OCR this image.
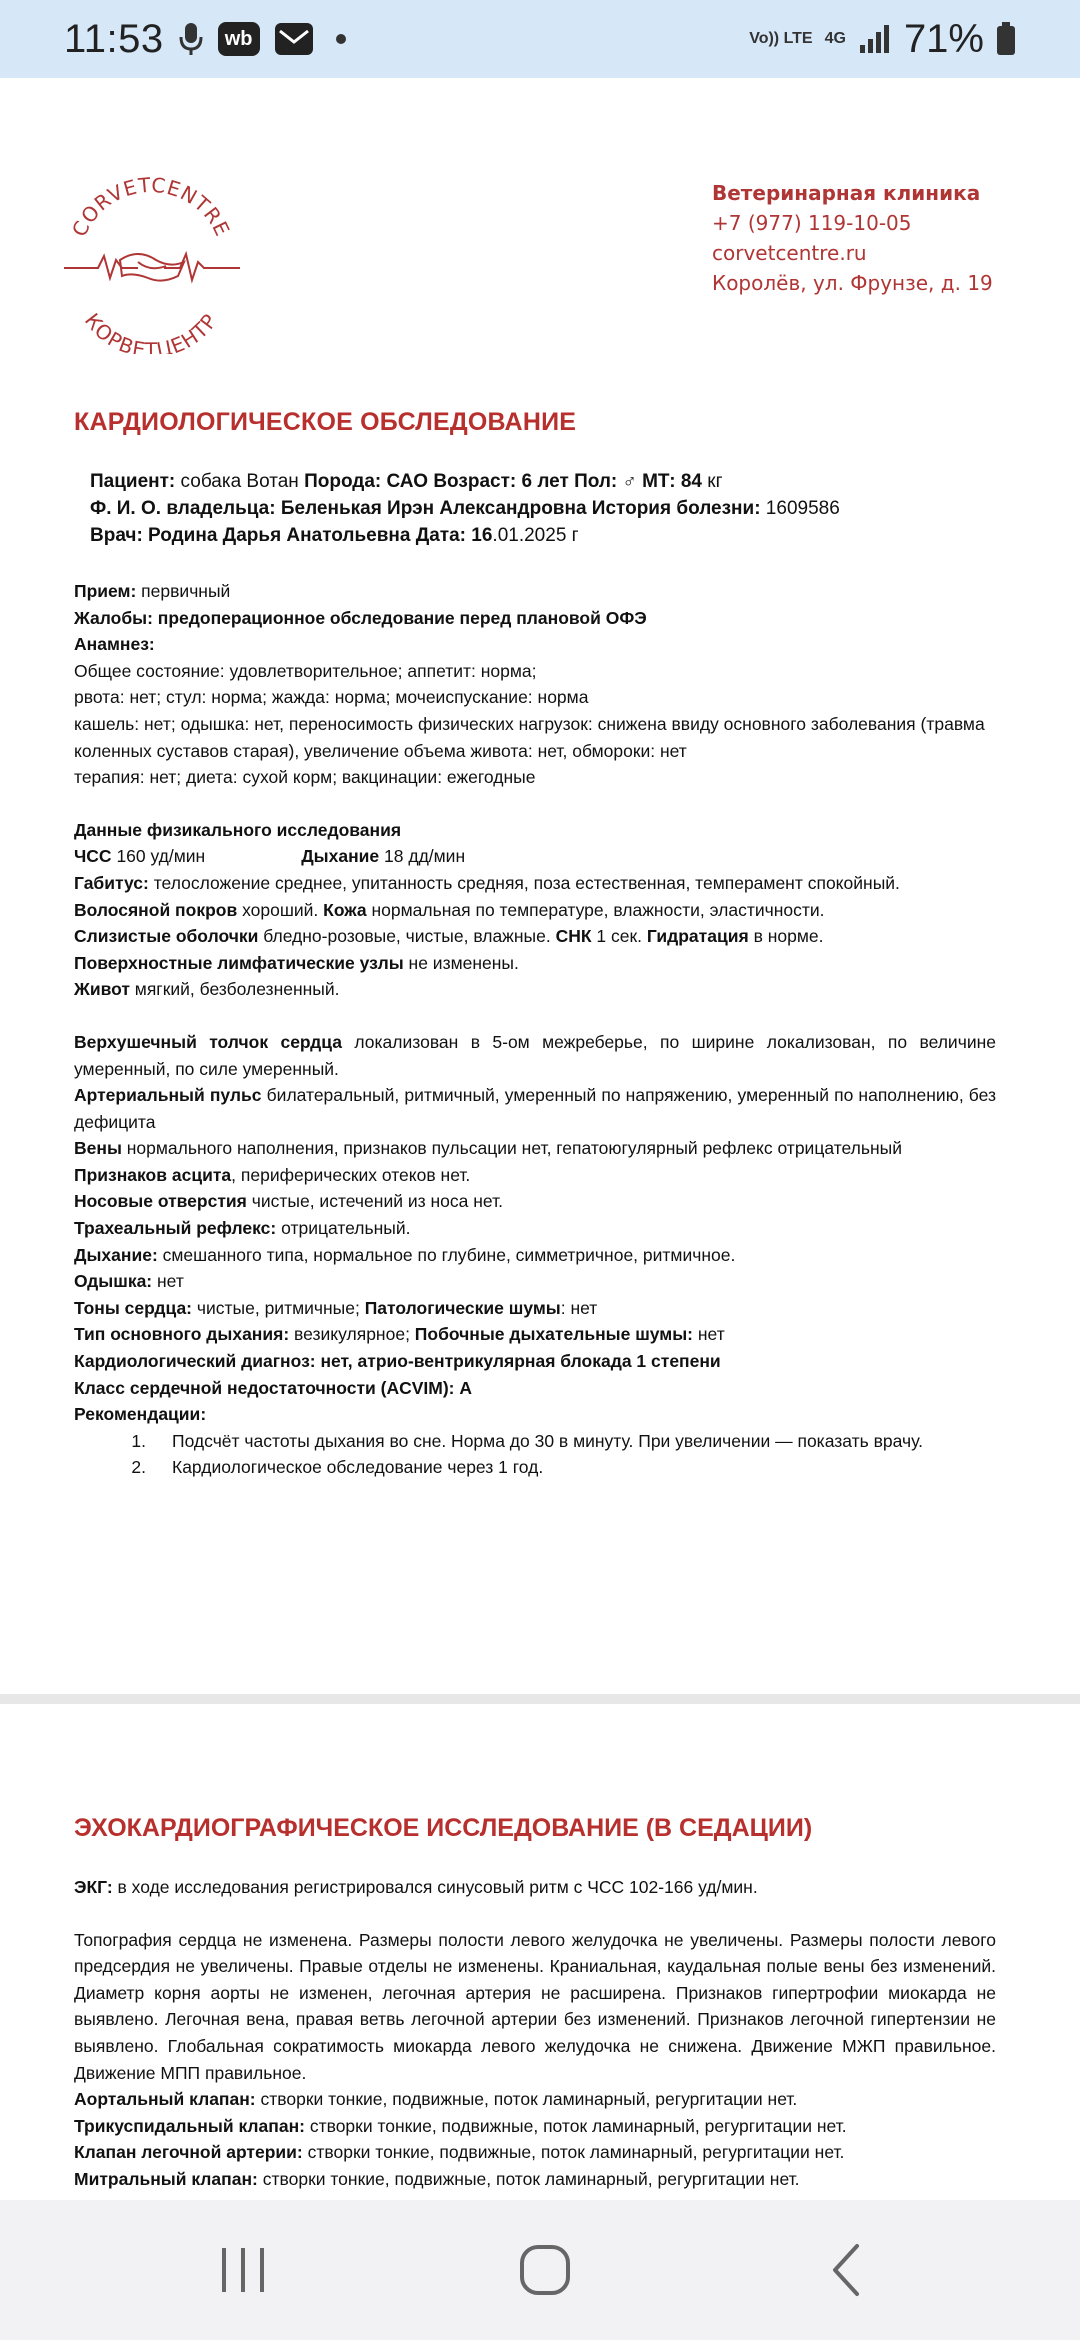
11:53	wb	Vo)) LTE 4G 71%
CORVETCENTRE
КОРВЕТЦЕНТР
Ветеринарная клиника
+7 (977) 119-10-05
corvetcentre.ru
Королёв, ул. Фрунзе, д. 19
КАРДИОЛОГИЧЕСКОЕ ОБСЛЕДОВАНИЕ
Пациент: собака Вотан Порода: САО Возраст: 6 лет Пол: ♂ МТ: 84 кг
Ф. И. О. владельца: Беленькая Ирэн Александровна История болезни: 1609586
Врач: Родина Дарья Анатольевна Дата: 16.01.2025 г

Прием: первичный

Жалобы: предоперационное обследование перед плановой ОФЭ

Анамнез:

Общее состояние: удовлетворительное; аппетит: норма;

рвота: нет; стул: норма; жажда: норма; мочеиспускание: норма

кашель: нет; одышка: нет, переносимость физических нагрузок: снижена ввиду основного заболевания (травма коленных суставов старая), увеличение объема живота: нет, обмороки: нет

терапия: нет; диета: сухой корм; вакцинации: ежегодные

Данные физикального исследования

ЧСС 160 уд/мин	Дыхание 18 дд/мин

Габитус: телосложение среднее, упитанность средняя, поза естественная, темперамент спокойный.

Волосяной покров хороший. Кожа нормальная по температуре, влажности, эластичности.

Слизистые оболочки бледно-розовые, чистые, влажные. СНК 1 сек. Гидратация в норме.

Поверхностные лимфатические узлы не изменены.

Живот мягкий, безболезненный.

Верхушечный толчок сердца локализован в 5-ом межреберье, по ширине локализован, по величине умеренный, по силе умеренный.

Артериальный пульс билатеральный, ритмичный, умеренный по напряжению, умеренный по наполнению, без дефицита

Вены нормального наполнения, признаков пульсации нет, гепатоюгулярный рефлекс отрицательный

Признаков асцита, периферических отеков нет.

Носовые отверстия чистые, истечений из носа нет.

Трахеальный рефлекс: отрицательный.

Дыхание: смешанного типа, нормальное по глубине, симметричное, ритмичное.

Одышка: нет

Тоны сердца: чистые, ритмичные; Патологические шумы: нет

Тип основного дыхания: везикулярное; Побочные дыхательные шумы: нет

Кардиологический диагноз: нет, атрио-вентрикулярная блокада 1 степени

Класс сердечной недостаточности (ACVIM): А

Рекомендации:

1. Подсчёт частоты дыхания во сне. Норма до 30 в минуту. При увеличении — показать врачу.
2. Кардиологическое обследование через 1 год.
ЭХОКАРДИОГРАФИЧЕСКОЕ ИССЛЕДОВАНИЕ (В СЕДАЦИИ)

ЭКГ: в ходе исследования регистрировался синусовый ритм с ЧСС 102-166 уд/мин.

Топография сердца не изменена. Размеры полости левого желудочка не увеличены. Размеры полости левого предсердия не увеличены. Правые отделы не изменены. Краниальная, каудальная полые вены без изменений. Диаметр корня аорты не изменен, легочная артерия не расширена. Признаков гипертрофии миокарда не выявлено. Легочная вена, правая ветвь легочной артерии без изменений. Признаков легочной гипертензии не выявлено. Глобальная сократимость миокарда левого желудочка не снижена. Движение МЖП правильное. Движение МПП правильное.

Аортальный клапан: створки тонкие, подвижные, поток ламинарный, регургитации нет.

Трикуспидальный клапан: створки тонкие, подвижные, поток ламинарный, регургитации нет.

Клапан легочной артерии: створки тонкие, подвижные, поток ламинарный, регургитации нет.

Митральный клапан: створки тонкие, подвижные, поток ламинарный, регургитации нет.
